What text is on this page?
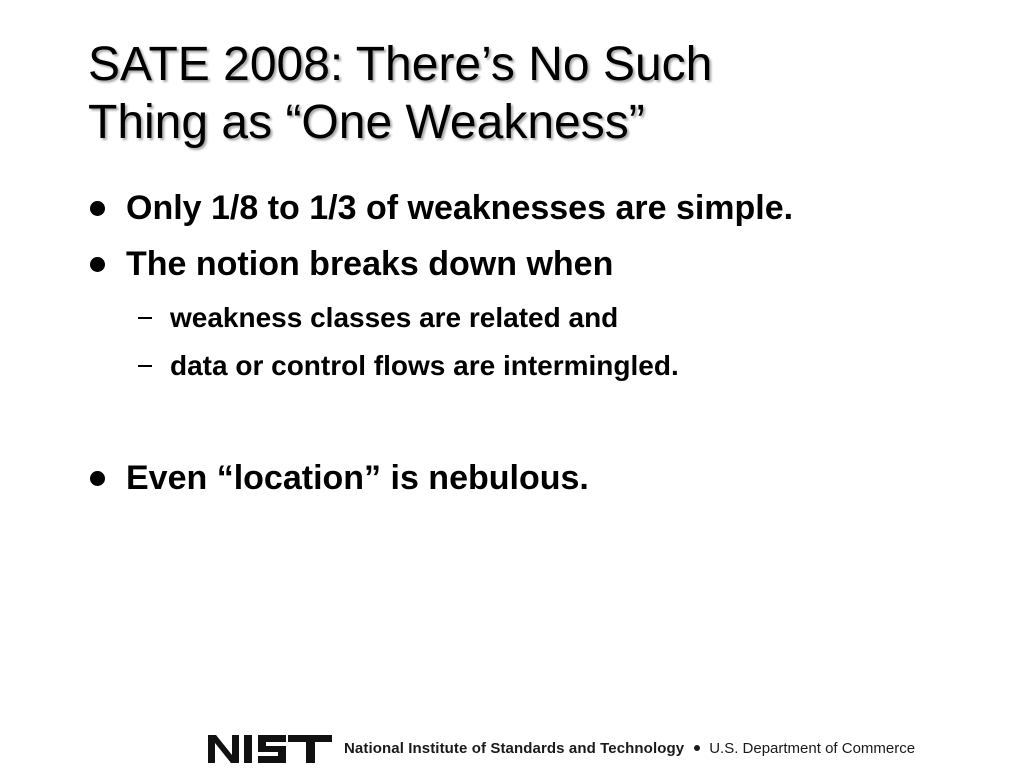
SATE 2008: There’s No Such
Thing as “One Weakness”
Only 1/8 to 1/3 of weaknesses are simple.
The notion breaks down when
weakness classes are related and
data or control flows are intermingled.
Even “location” is nebulous.
National Institute of Standards and Technology U.S. Department of Commerce
